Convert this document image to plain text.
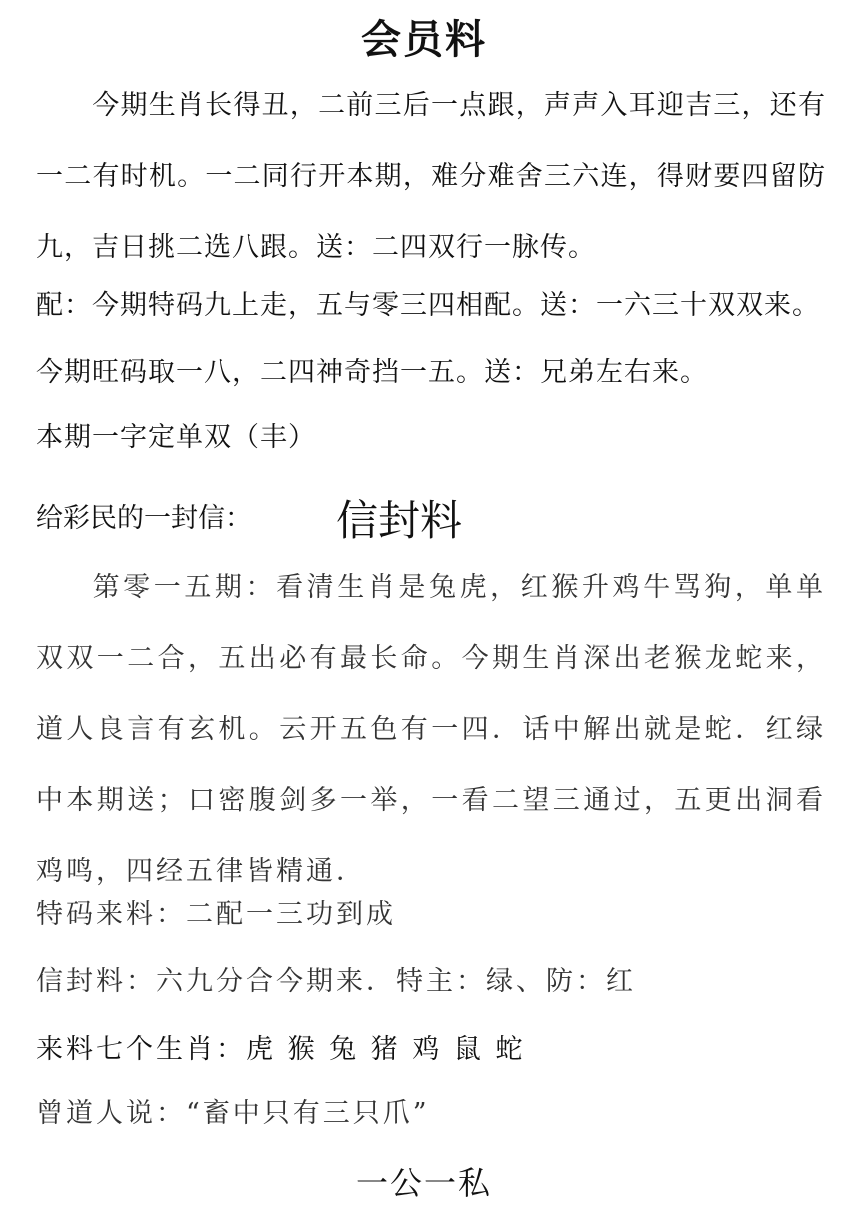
会员料
今期生肖长得丑，二前三后一点跟，声声入耳迎吉三，还有一二有时机。一二同行开本期，难分难舍三六连，得财要四留防九，吉日挑二选八跟。送：二四双行一脉传。
配：今期特码九上走，五与零三四相配。送：一六三十双双来。
今期旺码取一八，二四神奇挡一五。送：兄弟左右来。
本期一字定单双（丰）
给彩民的一封信： 信封料
第零一五期：看清生肖是兔虎，红猴升鸡牛骂狗，单单双双一二合，五出必有最长命。今期生肖深出老猴龙蛇来，道人良言有玄机。云开五色有一四．话中解出就是蛇．红绿中本期送；口密腹剑多一举，一看二望三通过，五更出洞看鸡鸣，四经五律皆精通．
特码来料：二配一三功到成
信封料：六九分合今期来．特主：绿、防：红
来料七个生肖：虎 猴 兔 猪 鸡 鼠 蛇
曾道人说：“畜中只有三只爪”
一公一私
